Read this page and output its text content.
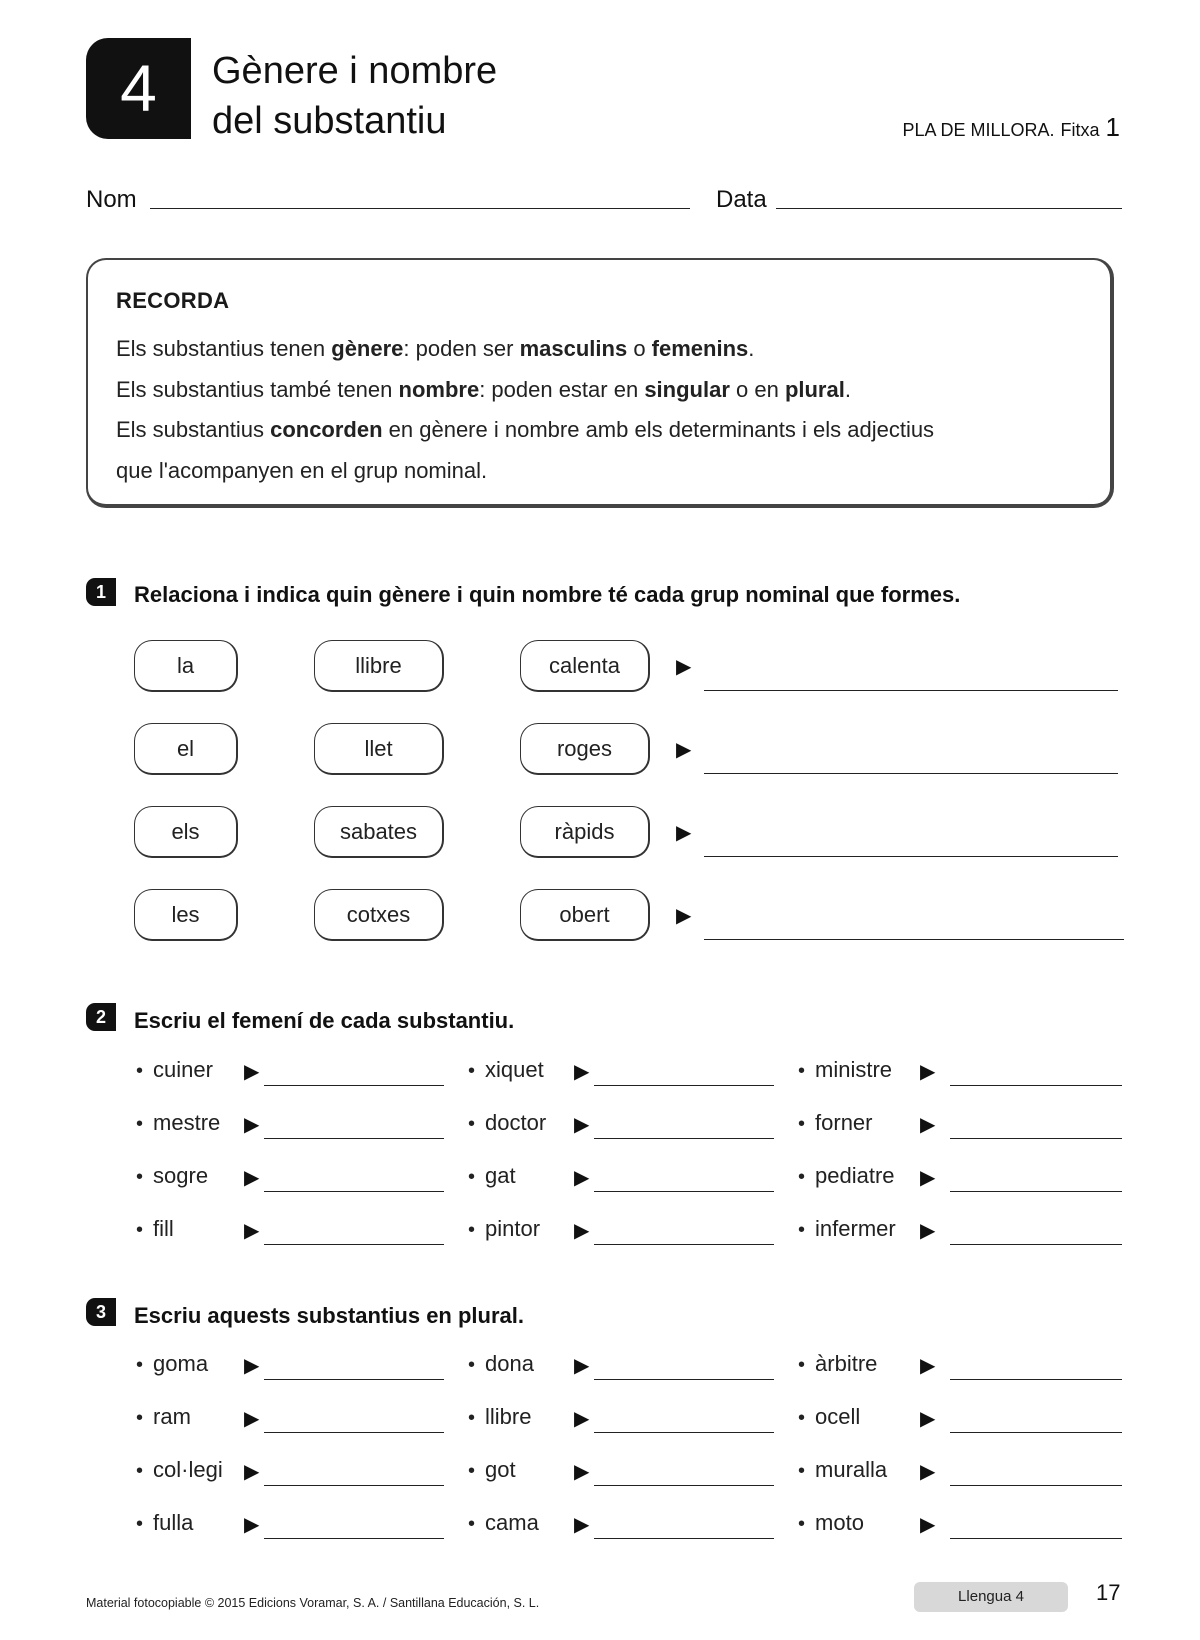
4	Gènere i nombre
del substantiu	PLA DE MILLORA. Fitxa 1
Nom	Data
RECORDA
Els substantius tenen gènere: poden ser masculins o femenins.
Els substantius també tenen nombre: poden estar en singular o en plural.
Els substantius concorden en gènere i nombre amb els determinants i els adjectius
que l'acompanyen en el grup nominal.
1	Relaciona i indica quin gènere i quin nombre té cada grup nominal que formes.
la	llibre	calenta	▶
el	llet	roges	▶
els	sabates	ràpids	▶
les	cotxes	obert	▶
2	Escriu el femení de cada substantiu.
• cuiner ▶	• xiquet ▶	• ministre ▶
• mestre ▶	• doctor ▶	• forner ▶
• sogre ▶	• gat	▶	• pediatre ▶
• fill	▶	• pintor ▶	• infermer ▶
3	Escriu aquests substantius en plural.
• goma ▶	• dona ▶	• àrbitre ▶
• ram	▶	• llibre ▶	• ocell	▶
• col·legi ▶	• got	▶	• muralla ▶
• fulla	▶	• cama ▶	• moto	▶
Material fotocopiable © 2015 Edicions Voramar, S. A. / Santillana Educación, S. L.	Llengua 4	17
